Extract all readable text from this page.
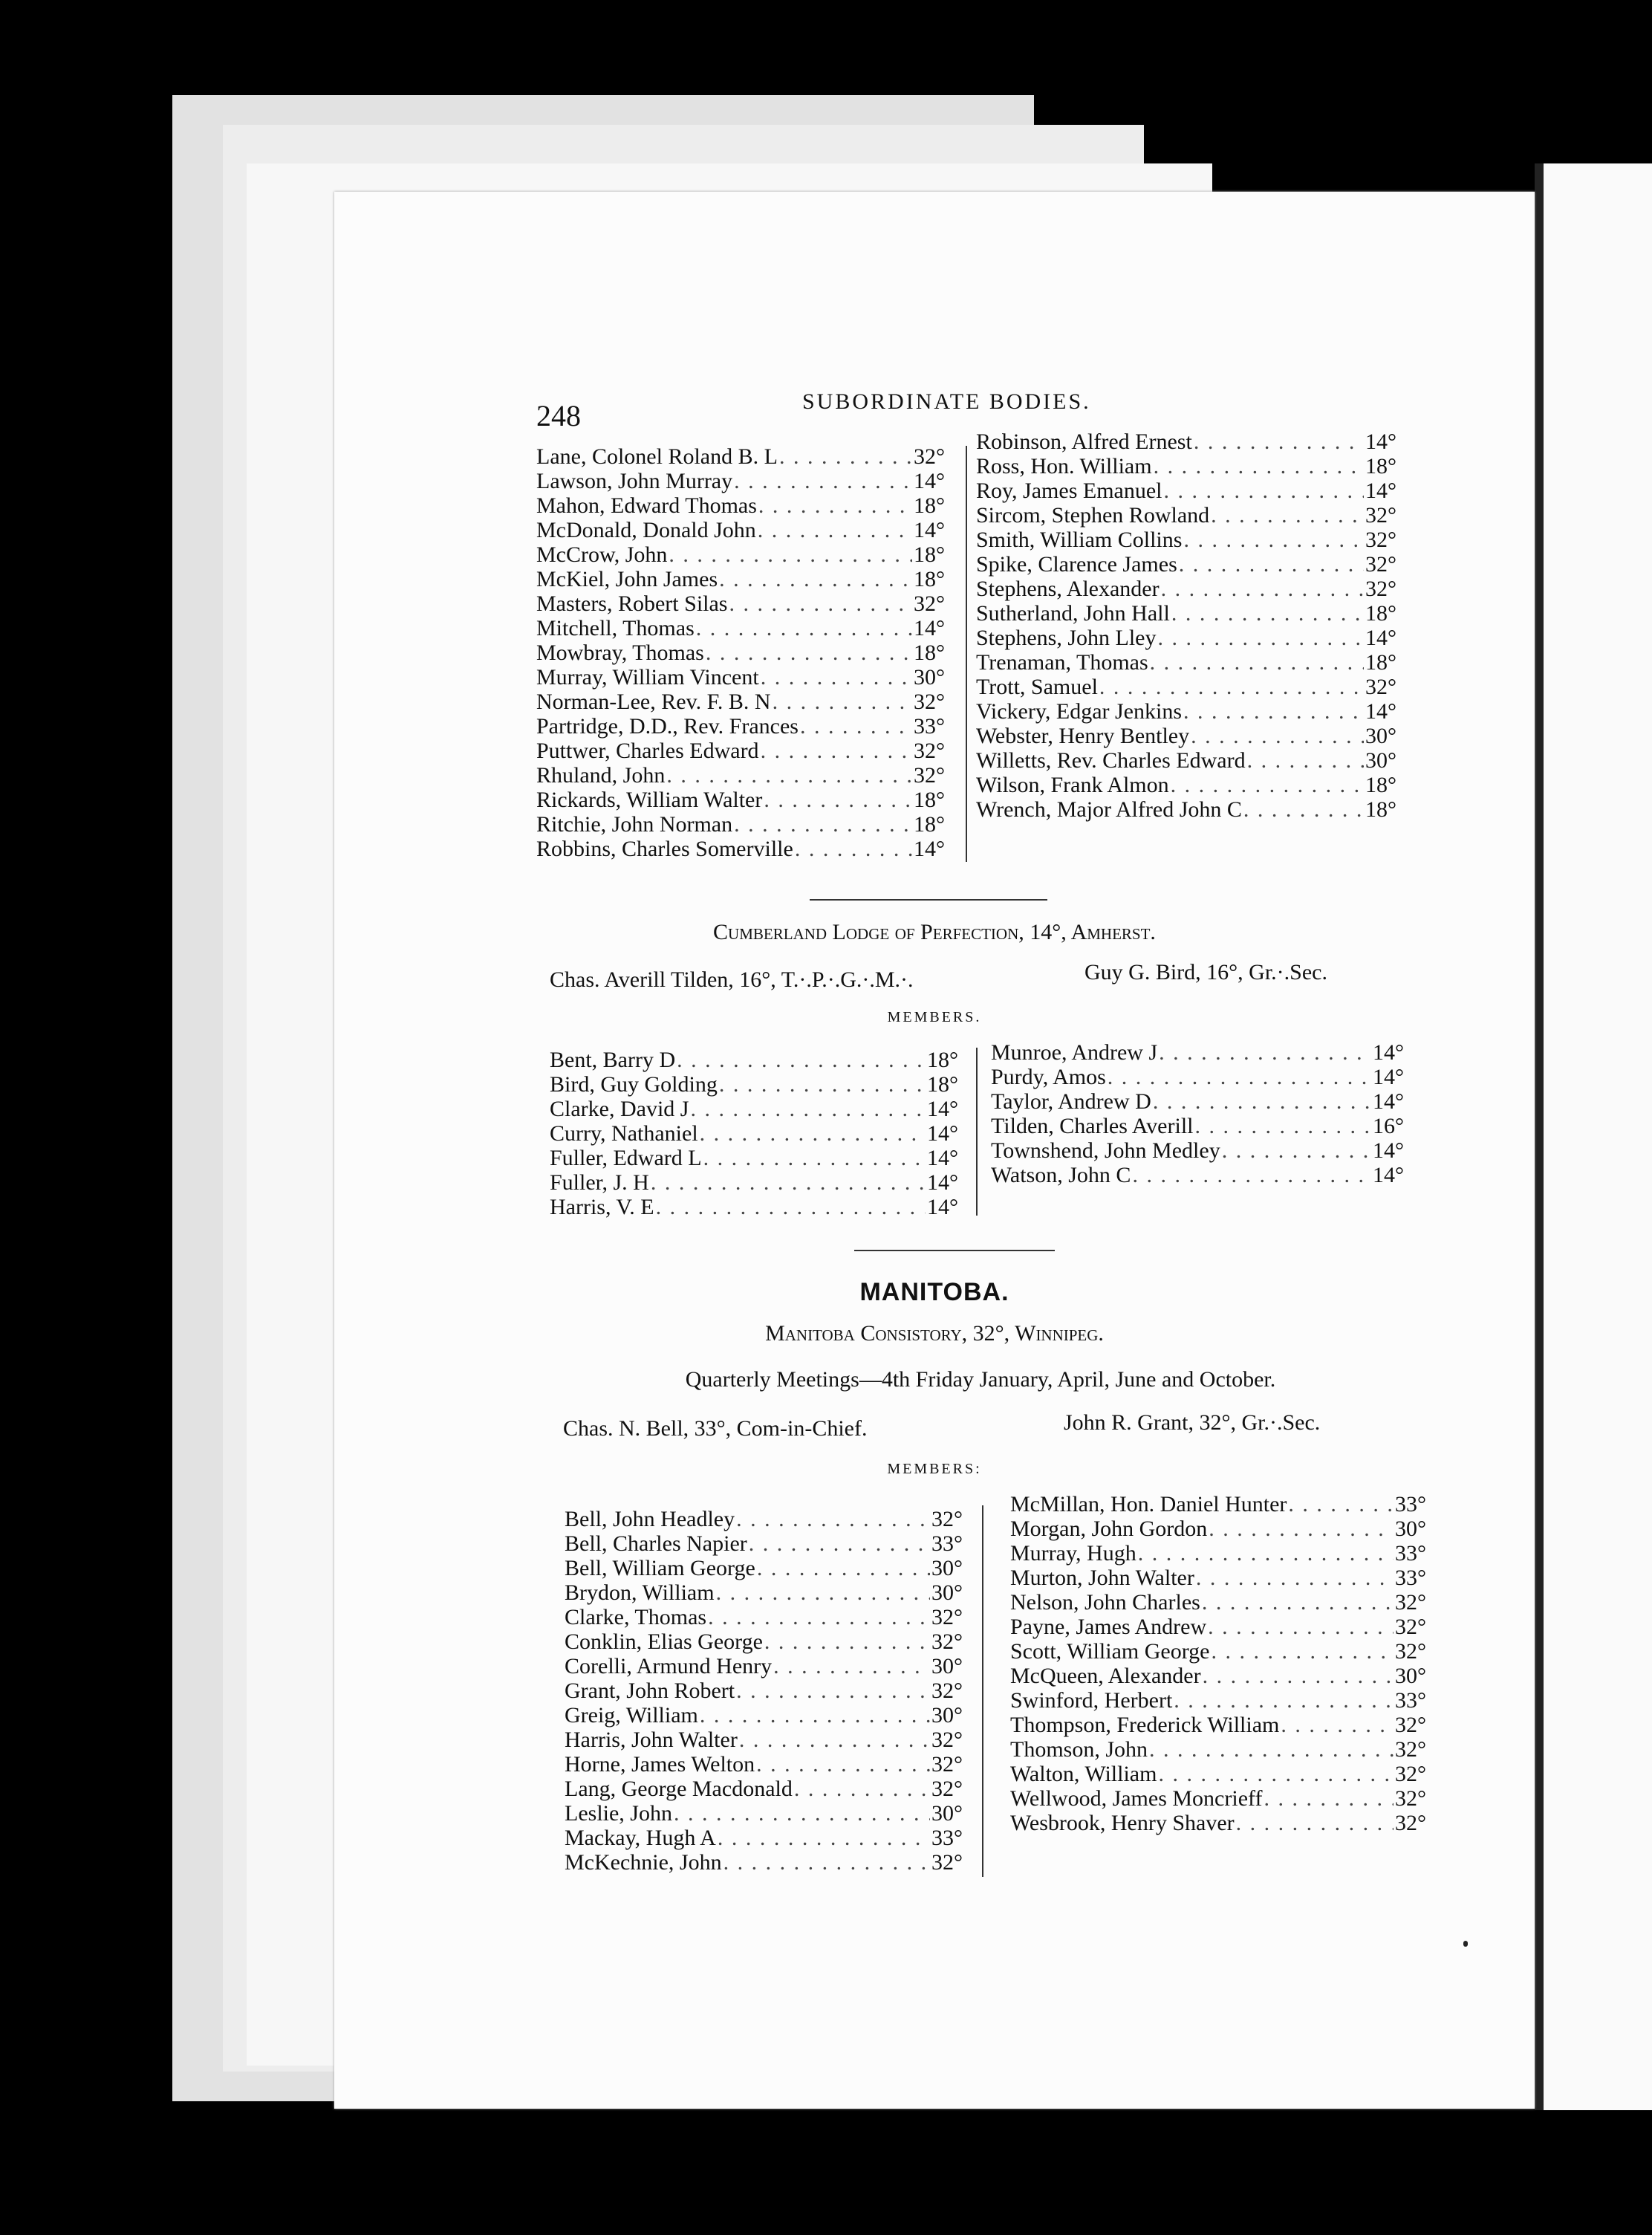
248	SUBORDINATE BODIES.
Lane, Colonel Roland B. L . . .	32°
Lawson, John Murray . . .	14°
Mahon, Edward Thomas . . .	18°
McDonald, Donald John . . .	14°
McCrow, John . . .	18°
McKiel, John James . . .	18°
Masters, Robert Silas . . .	32°
Mitchell, Thomas . . .	14°
Mowbray, Thomas . . .	18°
Murray, William Vincent . . .	30°
Norman-Lee, Rev. F. B. N . . .	32°
Partridge, D.D., Rev. Frances . . .	33°
Puttwer, Charles Edward . . .	32°
Rhuland, John . . .	32°
Rickards, William Walter . . .	18°
Ritchie, John Norman . . .	18°
Robbins, Charles Somerville . . .	14°
Robinson, Alfred Ernest . . .	14°
Ross, Hon. William . . .	18°
Roy, James Emanuel . . .	14°
Sircom, Stephen Rowland . . .	32°
Smith, William Collins . . .	32°
Spike, Clarence James . . .	32°
Stephens, Alexander . . .	32°
Sutherland, John Hall . . .	18°
Stephens, John Lley . . .	14°
Trenaman, Thomas . . .	18°
Trott, Samuel . . .	32°
Vickery, Edgar Jenkins . . .	14°
Webster, Henry Bentley . . .	30°
Willetts, Rev. Charles Edward . . .	30°
Wilson, Frank Almon . . .	18°
Wrench, Major Alfred John C . . .	18°
Cumberland Lodge of Perfection, 14°, Amherst.
Chas. Averill Tilden, 16°, T.·.P.·.G.·.M.·.	Guy G. Bird, 16°, Gr.·.Sec.
MEMBERS.
Bent, Barry D . . .	18°
Bird, Guy Golding . . .	18°
Clarke, David J . . .	14°
Curry, Nathaniel . . .	14°
Fuller, Edward L . . .	14°
Fuller, J. H . . .	14°
Harris, V. E . . .	14°
Munroe, Andrew J . . .	14°
Purdy, Amos . . .	14°
Taylor, Andrew D . . .	14°
Tilden, Charles Averill . . .	16°
Townshend, John Medley . . .	14°
Watson, John C . . .	14°
MANITOBA.
Manitoba Consistory, 32°, Winnipeg.
Quarterly Meetings—4th Friday January, April, June and October.
Chas. N. Bell, 33°, Com-in-Chief.	John R. Grant, 32°, Gr.·.Sec.
MEMBERS:
Bell, John Headley . . .	32°
Bell, Charles Napier . . .	33°
Bell, William George . . .	30°
Brydon, William . . .	30°
Clarke, Thomas . . .	32°
Conklin, Elias George . . .	32°
Corelli, Armund Henry . . .	30°
Grant, John Robert . . .	32°
Greig, William . . .	30°
Harris, John Walter . . .	32°
Horne, James Welton . . .	32°
Lang, George Macdonald . . .	32°
Leslie, John . . .	30°
Mackay, Hugh A . . .	33°
McKechnie, John . . .	32°
McMillan, Hon. Daniel Hunter . . .	33°
Morgan, John Gordon . . .	30°
Murray, Hugh . . .	33°
Murton, John Walter . . .	33°
Nelson, John Charles . . .	32°
Payne, James Andrew . . .	32°
Scott, William George . . .	32°
McQueen, Alexander . . .	30°
Swinford, Herbert . . .	33°
Thompson, Frederick William . . .	32°
Thomson, John . . .	32°
Walton, William . . .	32°
Wellwood, James Moncrieff . . .	32°
Wesbrook, Henry Shaver . . .	32°
